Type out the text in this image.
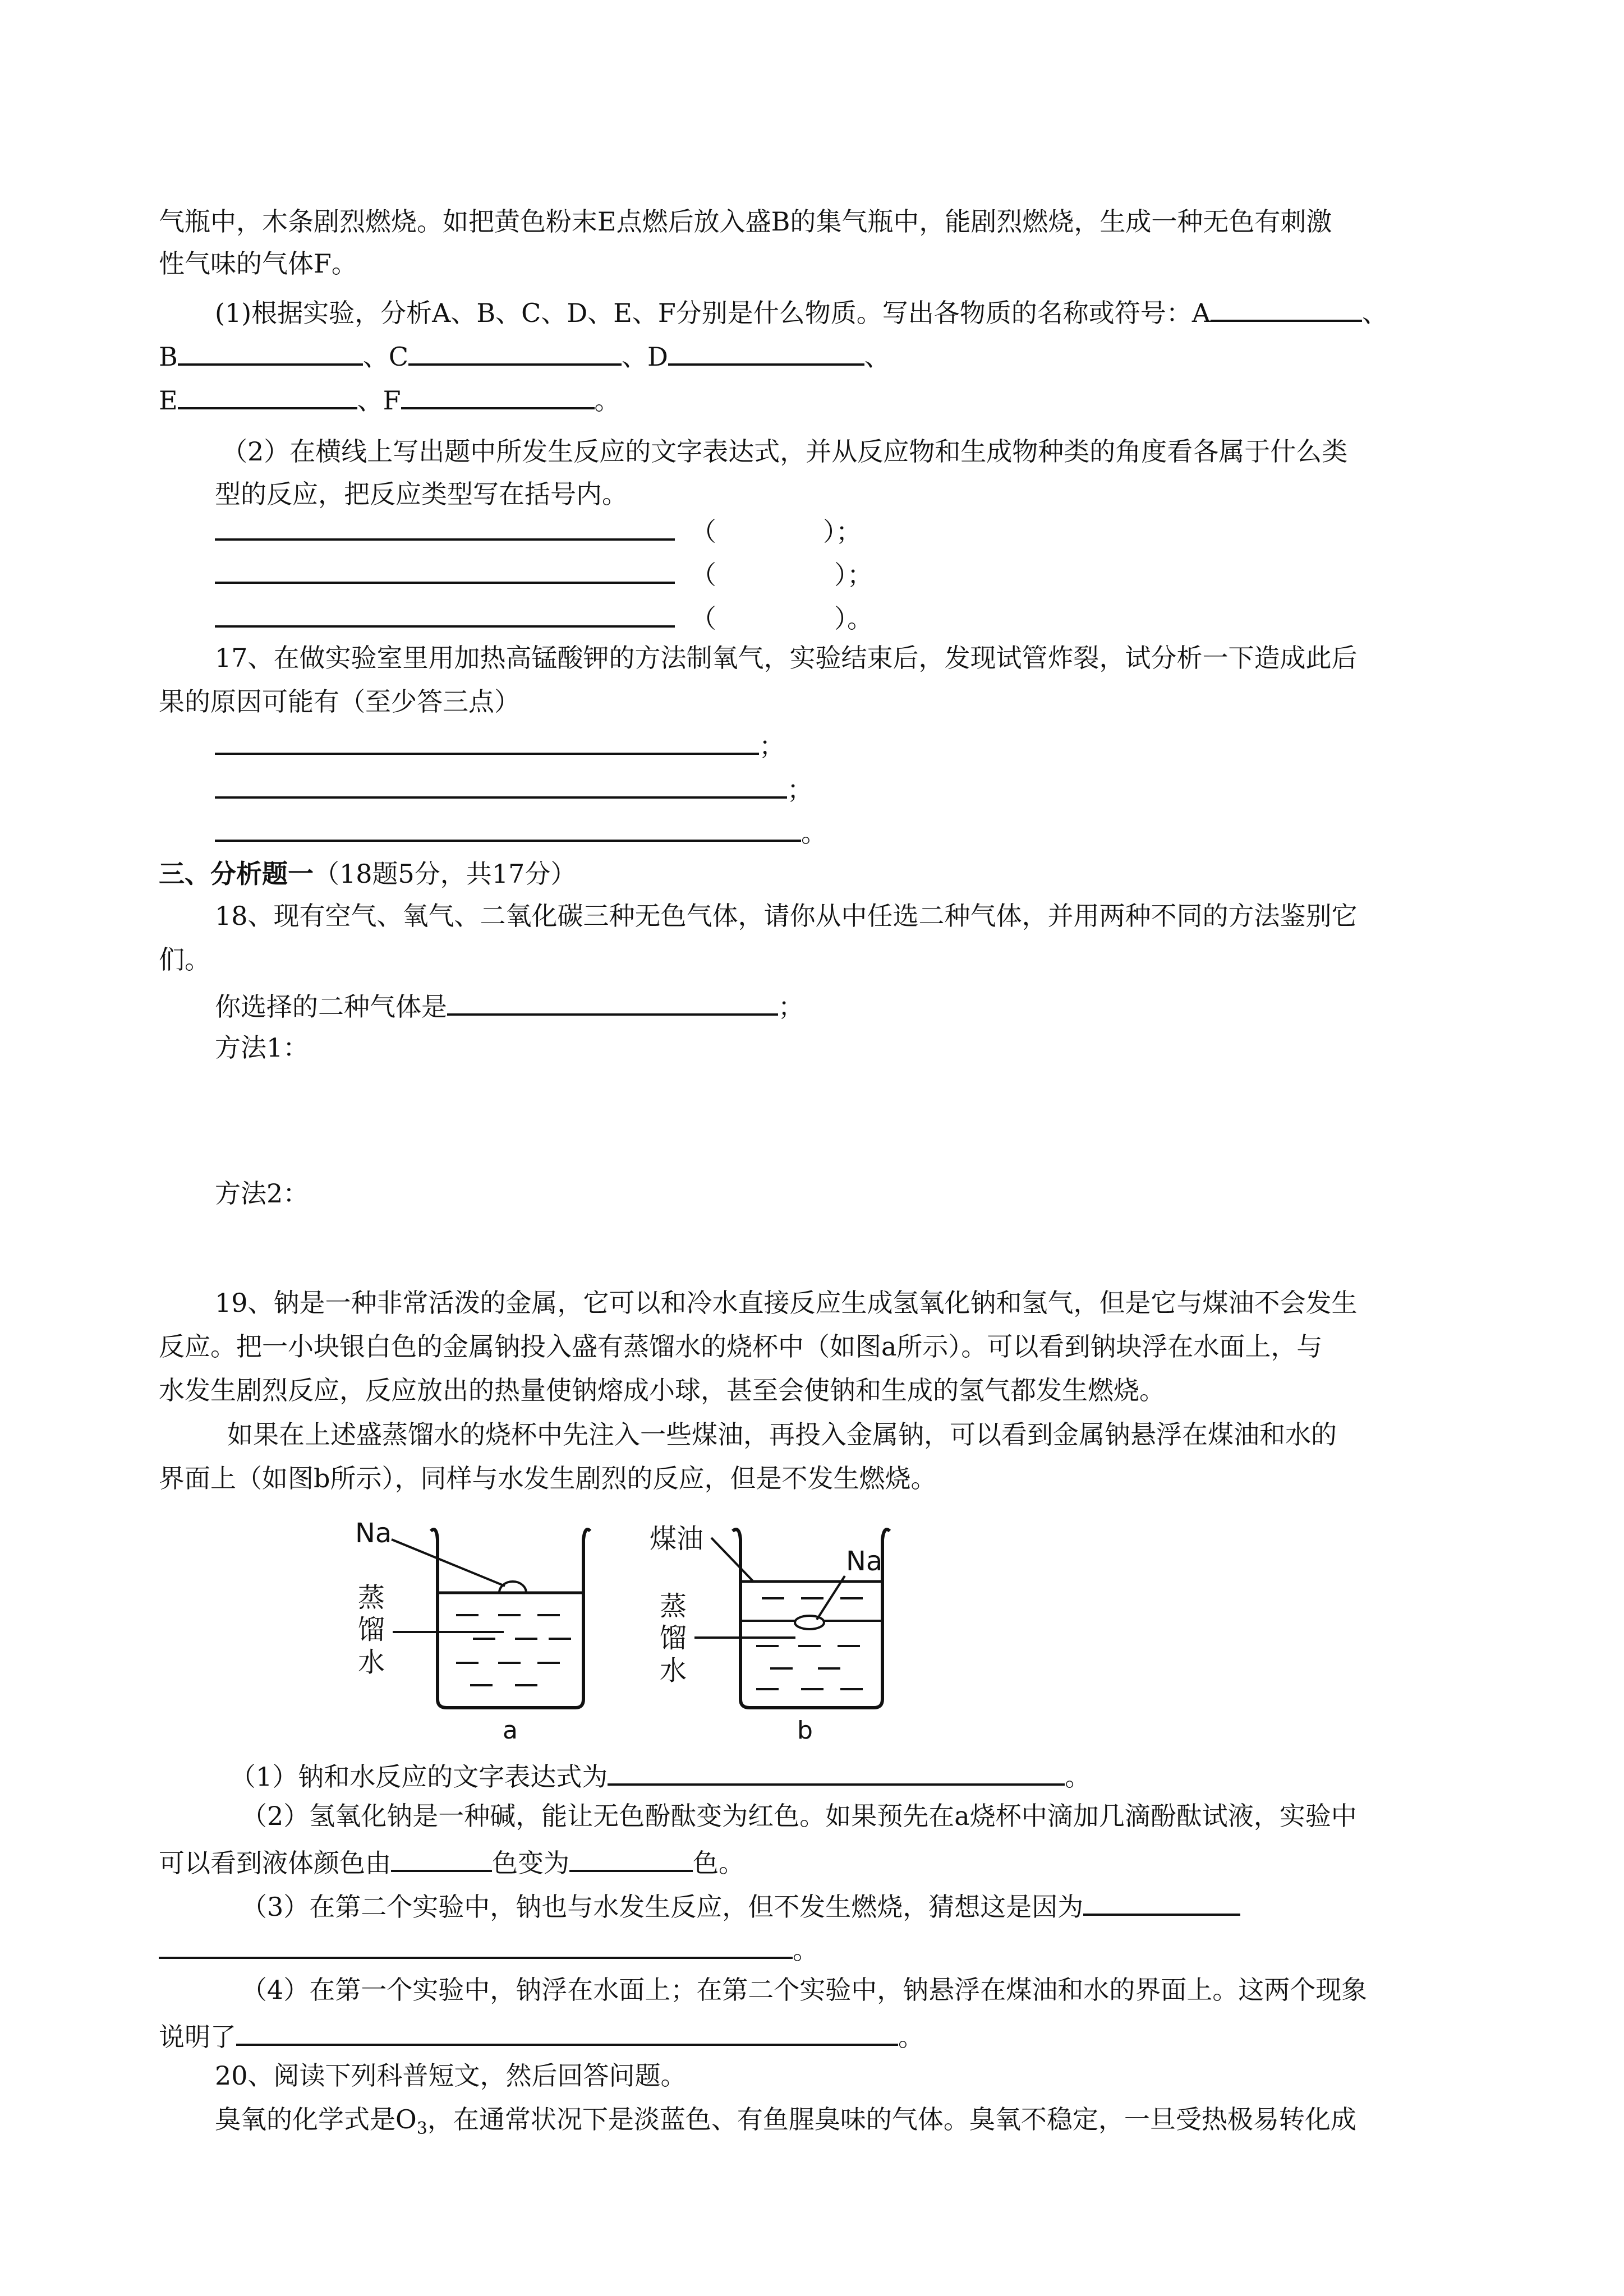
气瓶中，木条剧烈燃烧。如把黄色粉末E点燃后放入盛B的集气瓶中，能剧烈燃烧，生成一种无色有刺激
性气味的气体F。
(1)根据实验，分析A、B、C、D、E、F分别是什么物质。写出各物质的名称或符号：A	、
B	、C	、D	、
E	、F	。
（2）在横线上写出题中所发生反应的文字表达式，并从反应物和生成物种类的角度看各属于什么类
型的反应，把反应类型写在括号内。
（	）；
（	）；
（	）。
17、在做实验室里用加热高锰酸钾的方法制氧气，实验结束后，发现试管炸裂，试分析一下造成此后
果的原因可能有（至少答三点）
；
；
。
三、分析题一（18题5分，共17分）
18、现有空气、氧气、二氧化碳三种无色气体，请你从中任选二种气体，并用两种不同的方法鉴别它
们。
你选择的二种气体是	；
方法1：
方法2：
19、钠是一种非常活泼的金属，它可以和冷水直接反应生成氢氧化钠和氢气，但是它与煤油不会发生
反应。把一小块银白色的金属钠投入盛有蒸馏水的烧杯中（如图a所示）。可以看到钠块浮在水面上，与
水发生剧烈反应，反应放出的热量使钠熔成小球，甚至会使钠和生成的氢气都发生燃烧。
如果在上述盛蒸馏水的烧杯中先注入一些煤油，再投入金属钠，可以看到金属钠悬浮在煤油和水的
界面上（如图b所示），同样与水发生剧烈的反应，但是不发生燃烧。
Na
蒸
馏
水
a
煤油
Na
蒸
馏
水
b
（1）钠和水反应的文字表达式为	。
（2）氢氧化钠是一种碱，能让无色酚酞变为红色。如果预先在a烧杯中滴加几滴酚酞试液，实验中
可以看到液体颜色由	色变为	色。
（3）在第二个实验中，钠也与水发生反应，但不发生燃烧，猜想这是因为
。
（4）在第一个实验中，钠浮在水面上；在第二个实验中，钠悬浮在煤油和水的界面上。这两个现象
说明了	。
20、阅读下列科普短文，然后回答问题。
臭氧的化学式是$O_3$，在通常状况下是淡蓝色、有鱼腥臭味的气体。臭氧不稳定，一旦受热极易转化成
